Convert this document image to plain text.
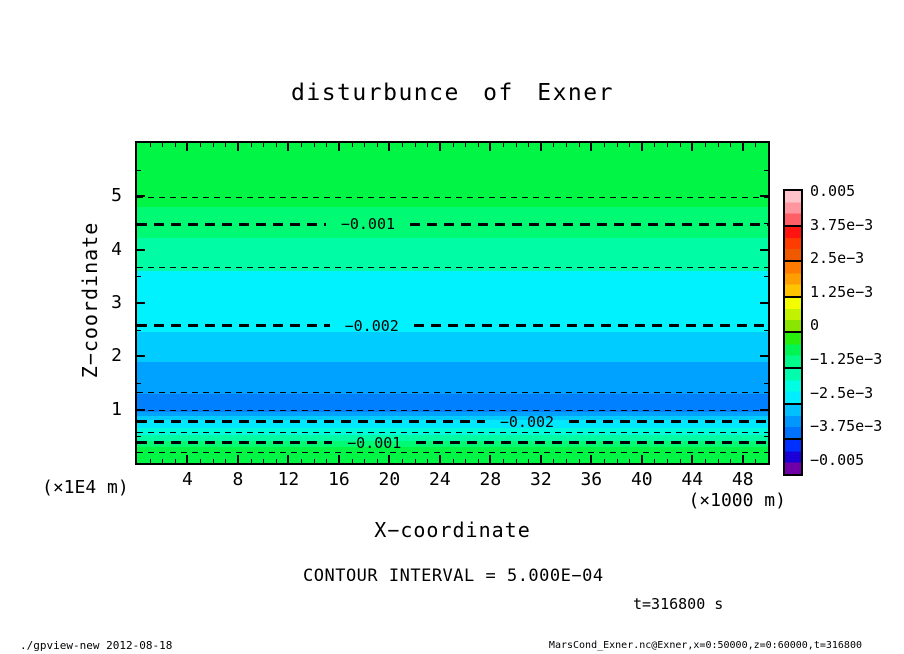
disturbunce of Exner
Z−coordinate
(×1E4 m)
−0.001
−0.002
−0.002
−0.001
4	8	12	16	20	24	28	32	36	40	44	48
1
2
3
4
5
(×1000 m)
X−coordinate
0.005
3.75e−3
2.5e−3
1.25e−3
0
−1.25e−3
−2.5e−3
−3.75e−3
−0.005
CONTOUR INTERVAL = 5.000E−04
t=316800 s
./gpview-new 2012-08-18	MarsCond_Exner.nc@Exner,x=0:50000,z=0:60000,t=316800
